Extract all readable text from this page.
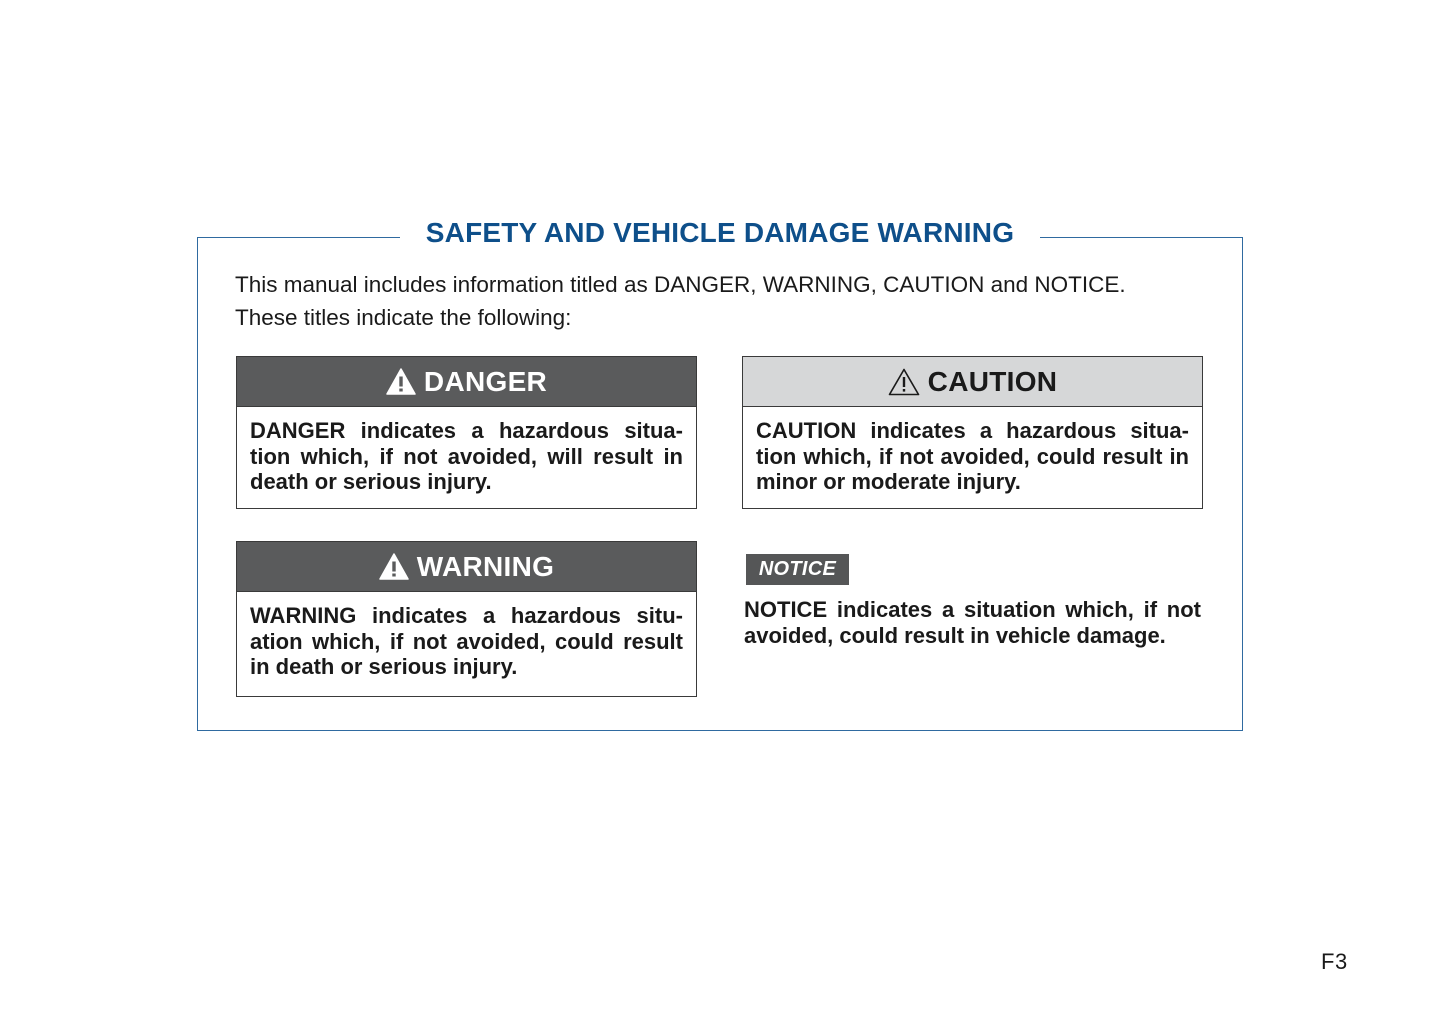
SAFETY AND VEHICLE DAMAGE WARNING

This manual includes information titled as DANGER, WARNING, CAUTION and NOTICE.

These titles indicate the following:

DANGER
DANGER indicates a hazardous situa-tion which, if not avoided, will result in death or serious injury.
CAUTION
CAUTION indicates a hazardous situa-tion which, if not avoided, could result in minor or moderate injury.
WARNING
WARNING indicates a hazardous situ-ation which, if not avoided, could result in death or serious injury.
NOTICE
NOTICE indicates a situation which, if not avoided, could result in vehicle damage.
F3
